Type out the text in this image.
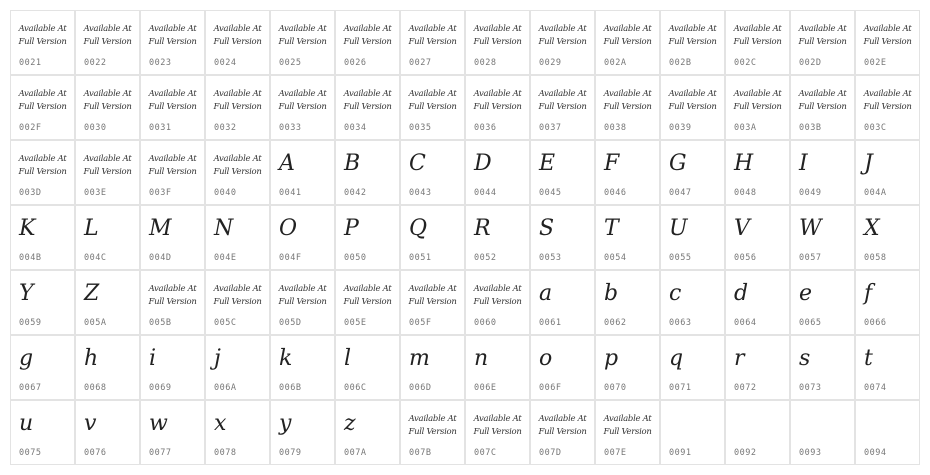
Available At
Full Version
0021
Available At
Full Version
0022
Available At
Full Version
0023
Available At
Full Version
0024
Available At
Full Version
0025
Available At
Full Version
0026
Available At
Full Version
0027
Available At
Full Version
0028
Available At
Full Version
0029
Available At
Full Version
002A
Available At
Full Version
002B
Available At
Full Version
002C
Available At
Full Version
002D
Available At
Full Version
002E
Available At
Full Version
002F
Available At
Full Version
0030
Available At
Full Version
0031
Available At
Full Version
0032
Available At
Full Version
0033
Available At
Full Version
0034
Available At
Full Version
0035
Available At
Full Version
0036
Available At
Full Version
0037
Available At
Full Version
0038
Available At
Full Version
0039
Available At
Full Version
003A
Available At
Full Version
003B
Available At
Full Version
003C
Available At
Full Version
003D
Available At
Full Version
003E
Available At
Full Version
003F
Available At
Full Version
0040
A
0041
B
0042
C
0043
D
0044
E
0045
F
0046
G
0047
H
0048
I
0049
J
004A
K
004B
L
004C
M
004D
N
004E
O
004F
P
0050
Q
0051
R
0052
S
0053
T
0054
U
0055
V
0056
W
0057
X
0058
Y
0059
Z
005A
Available At
Full Version
005B
Available At
Full Version
005C
Available At
Full Version
005D
Available At
Full Version
005E
Available At
Full Version
005F
Available At
Full Version
0060
a
0061
b
0062
c
0063
d
0064
e
0065
f
0066
g
0067
h
0068
i
0069
j
006A
k
006B
l
006C
m
006D
n
006E
o
006F
p
0070
q
0071
r
0072
s
0073
t
0074
u
0075
v
0076
w
0077
x
0078
y
0079
z
007A
Available At
Full Version
007B
Available At
Full Version
007C
Available At
Full Version
007D
Available At
Full Version
007E	0091	0092	0093	0094
